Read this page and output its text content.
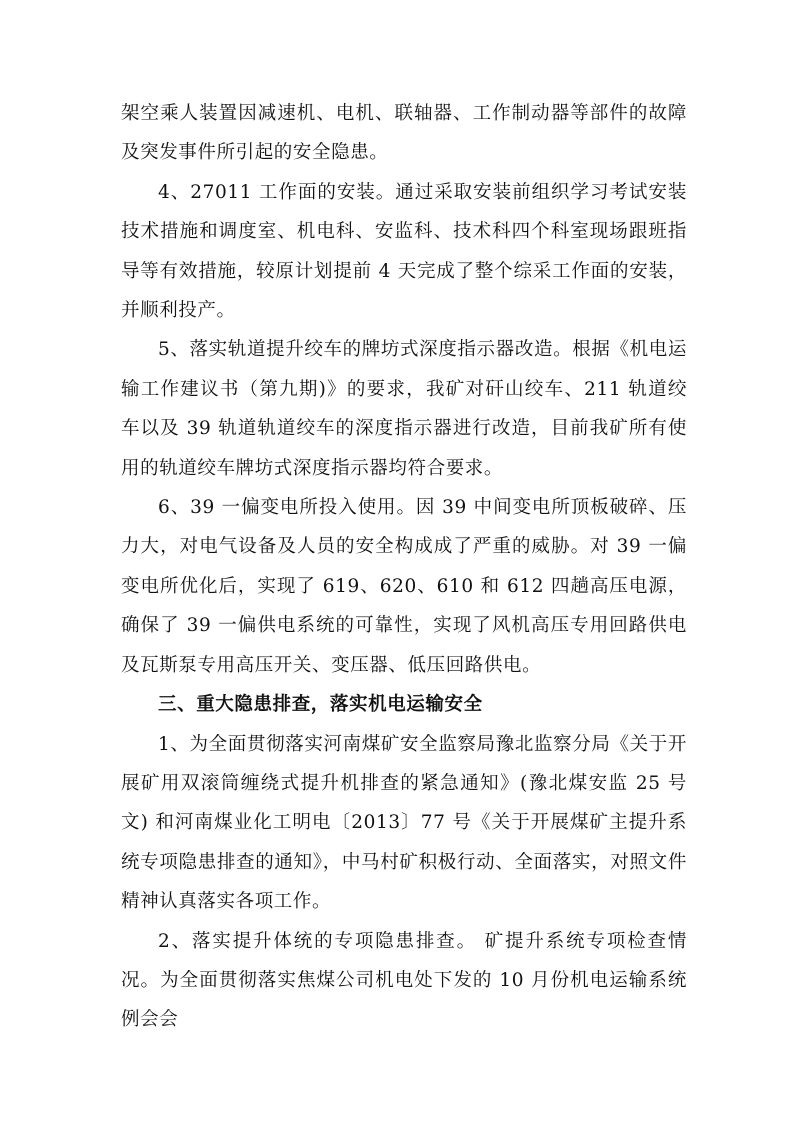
架空乘人装置因减速机、电机、联轴器、工作制动器等部件的故障及突发事件所引起的安全隐患。

4、27011 工作面的安装。通过采取安装前组织学习考试安装技术措施和调度室、机电科、安监科、技术科四个科室现场跟班指导等有效措施，较原计划提前 4 天完成了整个综采工作面的安装，并顺利投产。

5、落实轨道提升绞车的牌坊式深度指示器改造。根据《机电运输工作建议书（第九期)》的要求，我矿对矸山绞车、211 轨道绞车以及 39 轨道轨道绞车的深度指示器进行改造，目前我矿所有使用的轨道绞车牌坊式深度指示器均符合要求。

6、39 一偏变电所投入使用。因 39 中间变电所顶板破碎、压力大，对电气设备及人员的安全构成成了严重的威胁。对 39 一偏变电所优化后，实现了 619、620、610 和 612 四趟高压电源，确保了 39 一偏供电系统的可靠性，实现了风机高压专用回路供电及瓦斯泵专用高压开关、变压器、低压回路供电。

三、重大隐患排查，落实机电运输安全

1、为全面贯彻落实河南煤矿安全监察局豫北监察分局《关于开展矿用双滚筒缠绕式提升机排查的紧急通知》(豫北煤安监 25 号文) 和河南煤业化工明电〔2013〕77 号《关于开展煤矿主提升系统专项隐患排查的通知》，中马村矿积极行动、全面落实，对照文件精神认真落实各项工作。

2、落实提升体统的专项隐患排查。 矿提升系统专项检查情况。为全面贯彻落实焦煤公司机电处下发的 10 月份机电运输系统例会会
